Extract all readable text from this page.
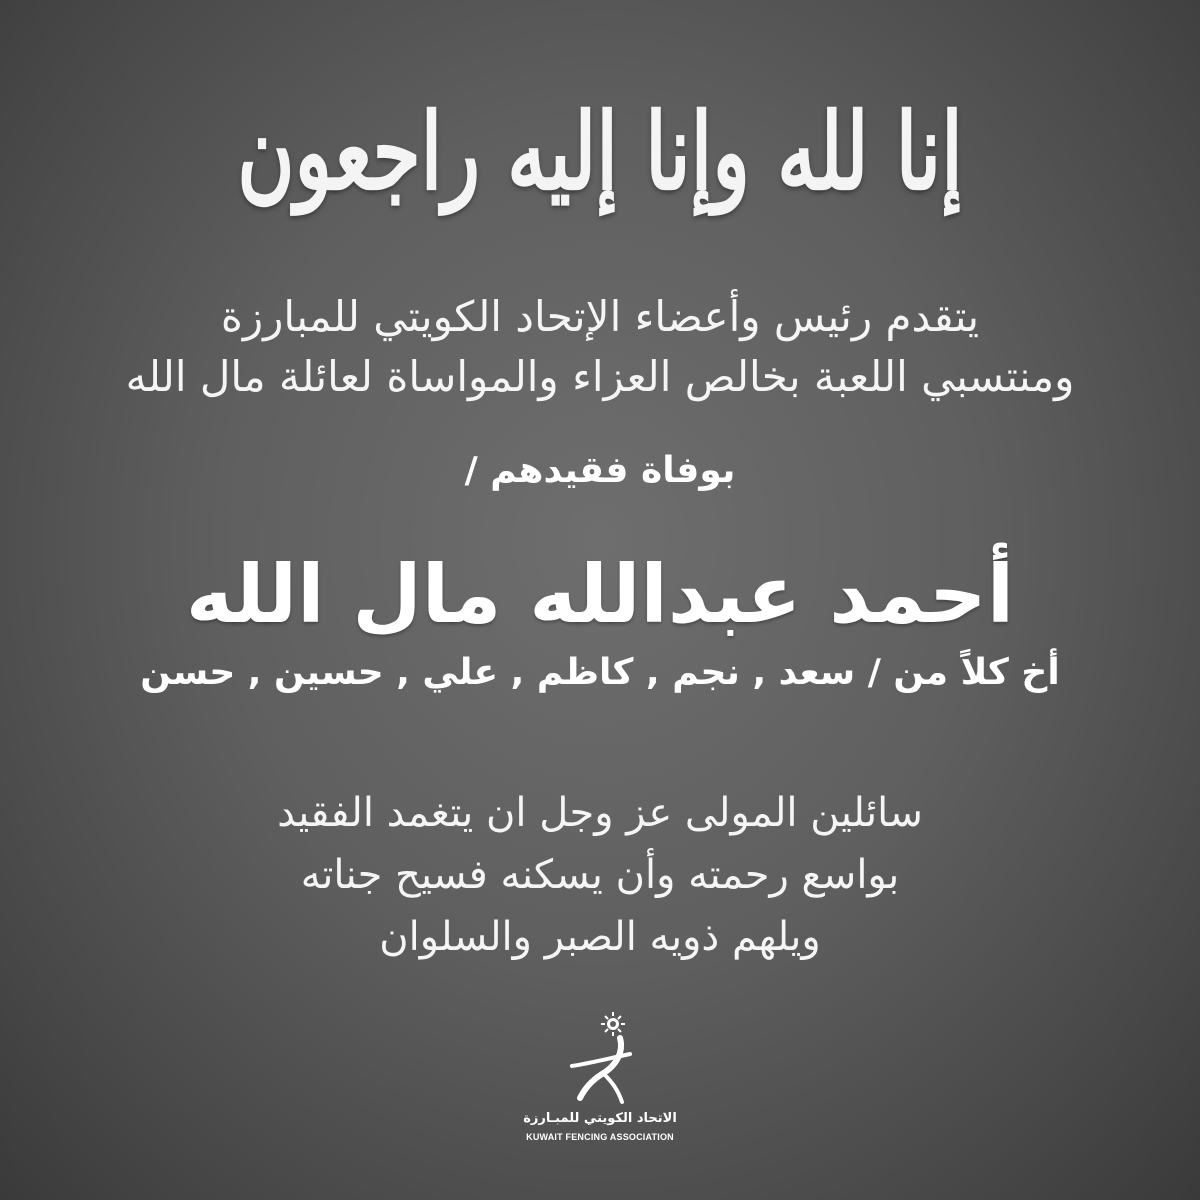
إنا لله وإنا إليه راجعون
يتقدم رئيس وأعضاء الإتحاد الكويتي للمبارزة
ومنتسبي اللعبة بخالص العزاء والمواساة لعائلة مال الله
بوفاة فقيدهم /
أحمد عبدالله مال الله
أخ كلاً من / سعد , نجم , كاظم , علي , حسين , حسن
سائلين المولى عز وجل ان يتغمد الفقيد
بواسع رحمته وأن يسكنه فسيح جناته
ويلهم ذويه الصبر والسلوان
الاتحاد الكويتي للمبـارزة
KUWAIT FENCING ASSOCIATION
